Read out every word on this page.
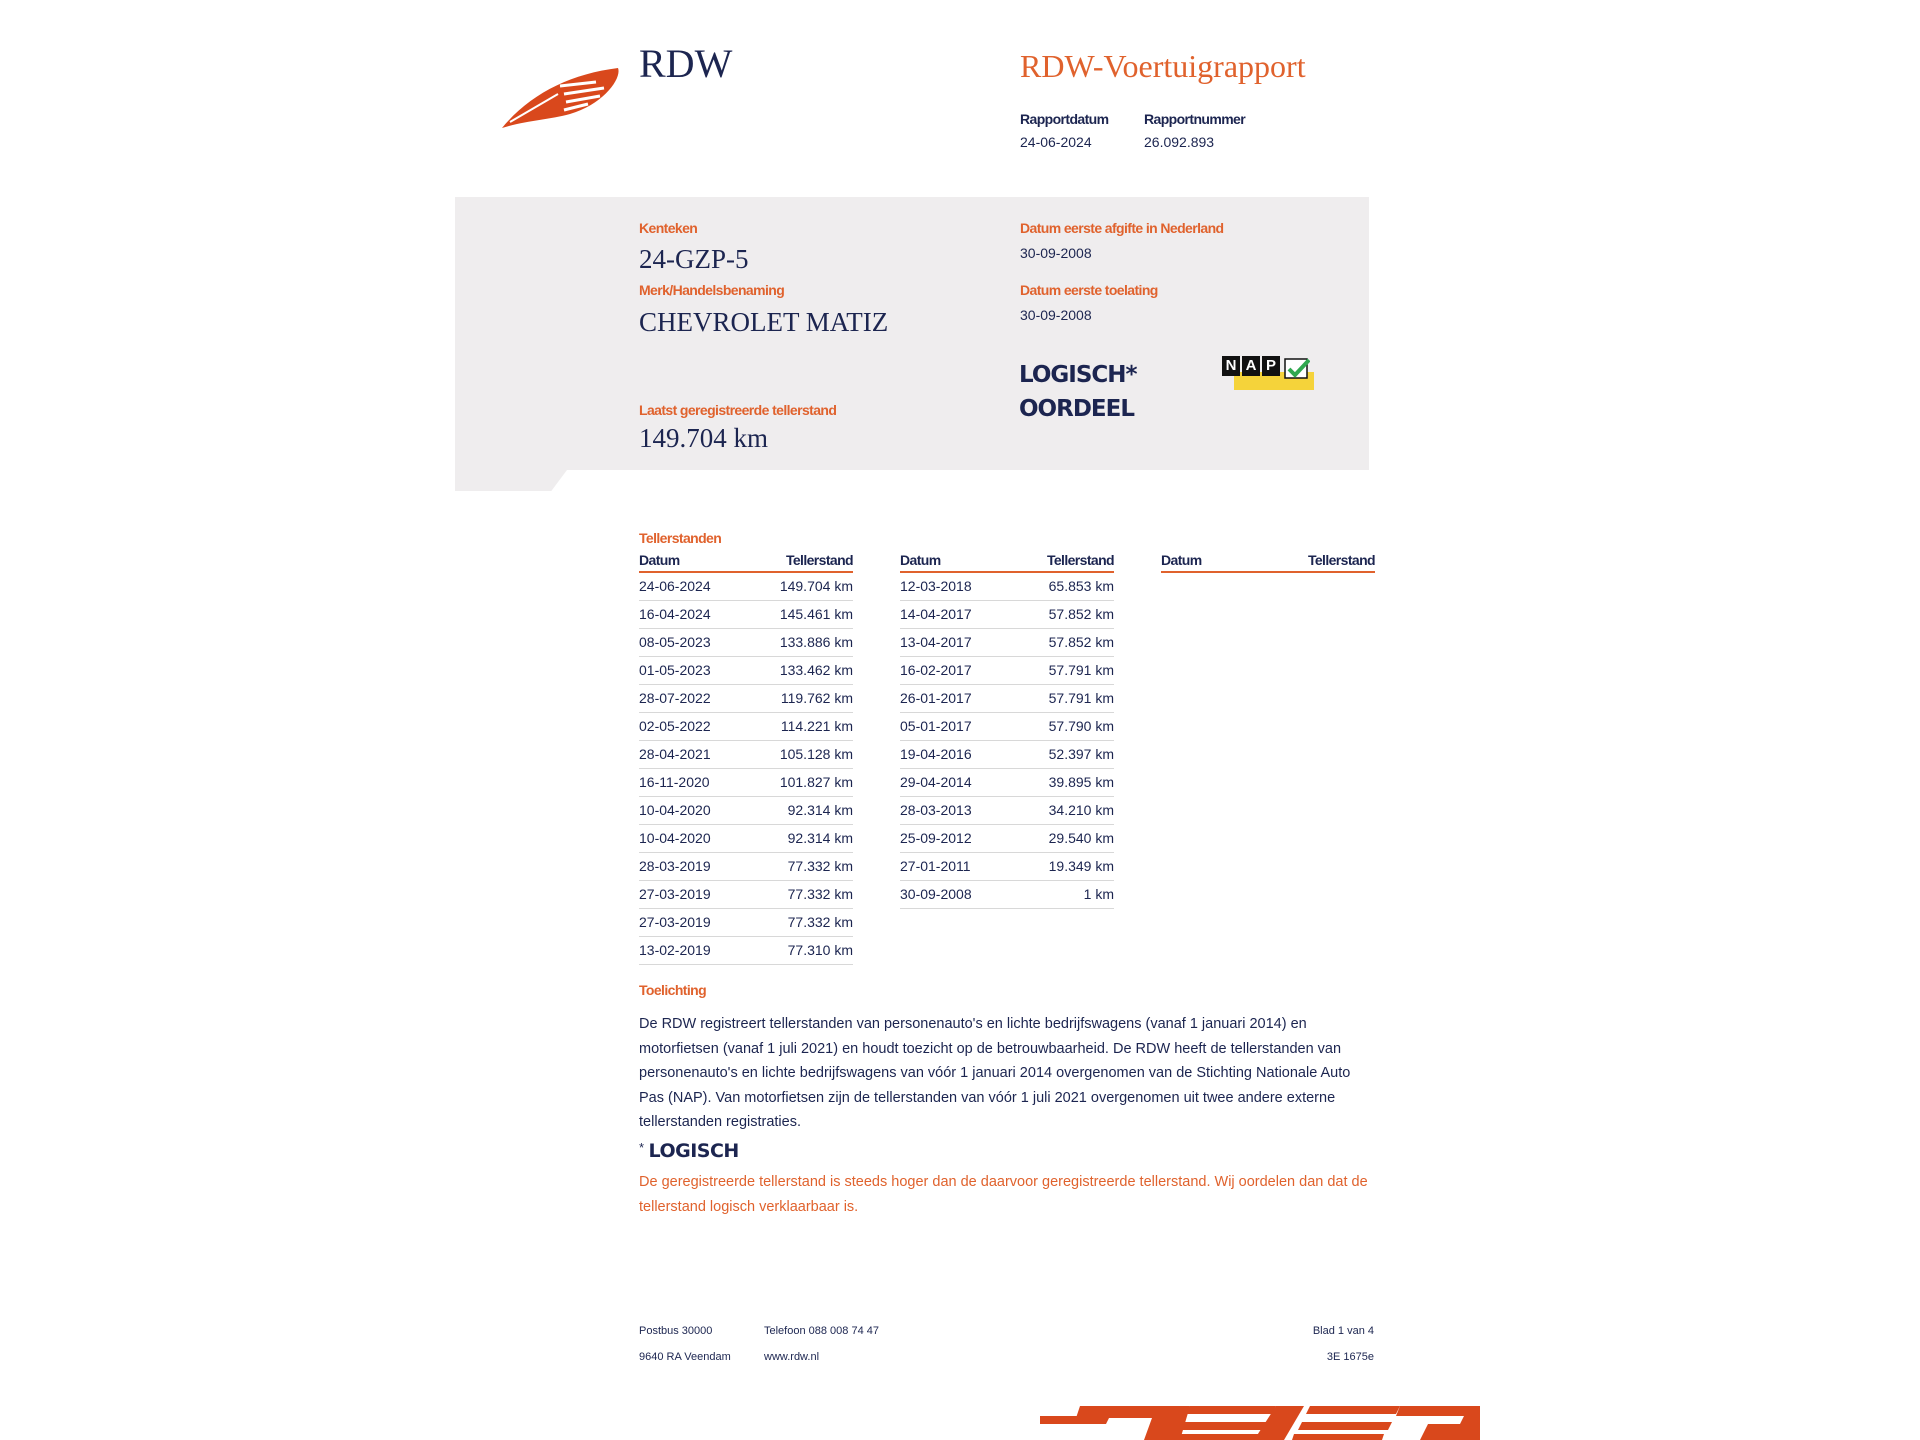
RDW	RDW-Voertuigrapport
Rapportdatum
24-06-2024
Rapportnummer
26.092.893
Kenteken
24-GZP-5
Merk/Handelsbenaming
CHEVROLET MATIZ
Laatst geregistreerde tellerstand
149.704 km
Datum eerste afgifte in Nederland
30-09-2008
Datum eerste toelating
30-09-2008
LOGISCH*
OORDEEL
N A P
Tellerstanden
Datum	Tellerstand
24-06-2024	149.704 km
16-04-2024	145.461 km
08-05-2023	133.886 km
01-05-2023	133.462 km
28-07-2022	119.762 km
02-05-2022	114.221 km
28-04-2021	105.128 km
16-11-2020	101.827 km
10-04-2020	92.314 km
10-04-2020	92.314 km
28-03-2019	77.332 km
27-03-2019	77.332 km
27-03-2019	77.332 km
13-02-2019	77.310 km
Datum	Tellerstand
12-03-2018	65.853 km
14-04-2017	57.852 km
13-04-2017	57.852 km
16-02-2017	57.791 km
26-01-2017	57.791 km
05-01-2017	57.790 km
19-04-2016	52.397 km
29-04-2014	39.895 km
28-03-2013	34.210 km
25-09-2012	29.540 km
27-01-2011	19.349 km
30-09-2008	1 km
Datum	Tellerstand
Toelichting
De RDW registreert tellerstanden van personenauto's en lichte bedrijfswagens (vanaf 1 januari 2014) en motorfietsen (vanaf 1 juli 2021) en houdt toezicht op de betrouwbaarheid. De RDW heeft de tellerstanden van personenauto's en lichte bedrijfswagens van vóór 1 januari 2014 overgenomen van de Stichting Nationale Auto Pas (NAP). Van motorfietsen zijn de tellerstanden van vóór 1 juli 2021 overgenomen uit twee andere externe tellerstanden registraties.
* LOGISCH
De geregistreerde tellerstand is steeds hoger dan de daarvoor geregistreerde tellerstand. Wij oordelen dan dat de tellerstand logisch verklaarbaar is.
Postbus 30000
9640 RA Veendam
Telefoon 088 008 74 47
www.rdw.nl
Blad 1 van 4
3E 1675e
